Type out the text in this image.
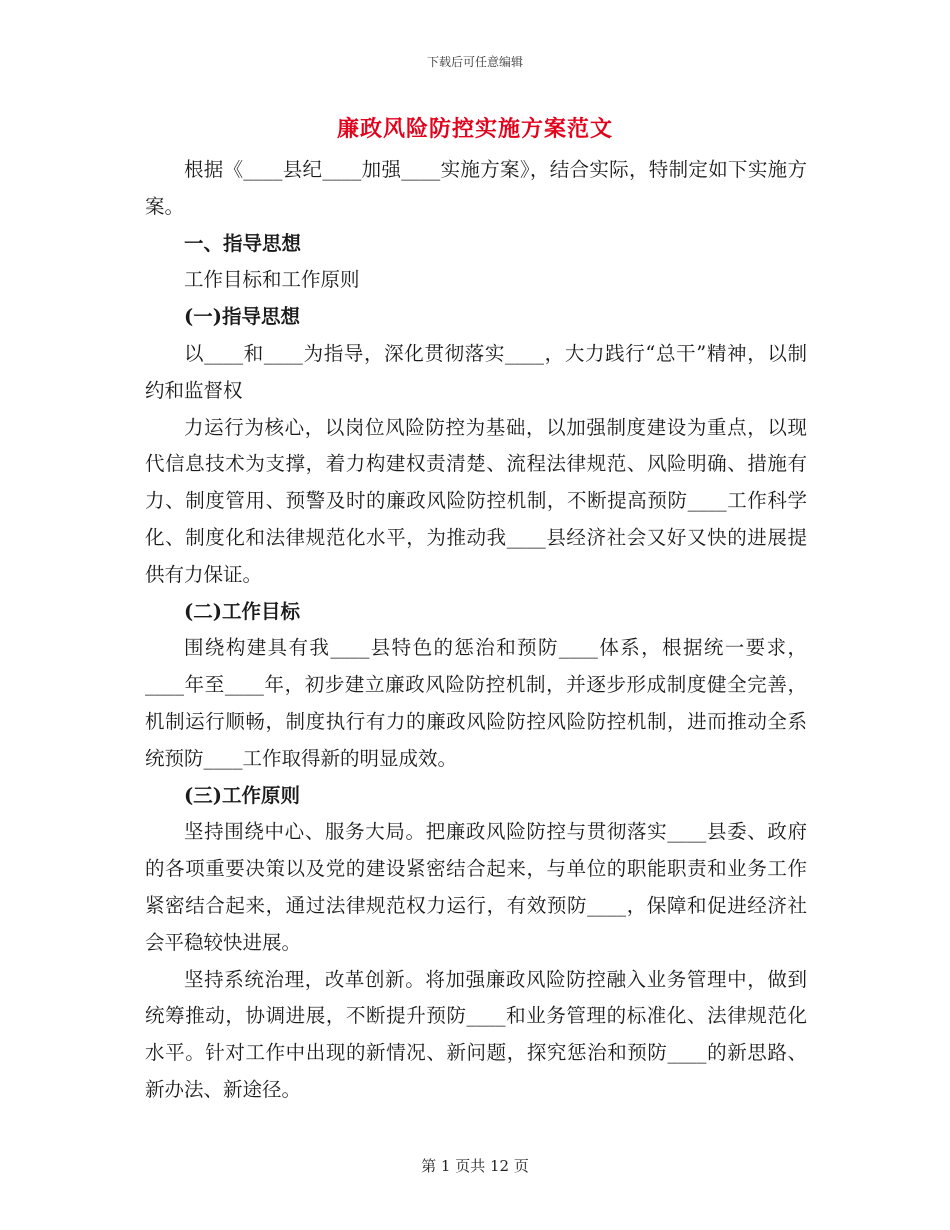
下载后可任意编辑
廉政风险防控实施方案范文

根据《____县纪____加强____实施方案》，结合实际，特制定如下实施方案。

一、指导思想

工作目标和工作原则

(一)指导思想

以____和____为指导，深化贯彻落实____，大力践行“总干”精神，以制约和监督权

力运行为核心，以岗位风险防控为基础，以加强制度建设为重点，以现代信息技术为支撑，着力构建权责清楚、流程法律规范、风险明确、措施有力、制度管用、预警及时的廉政风险防控机制，不断提高预防____工作科学化、制度化和法律规范化水平，为推动我____县经济社会又好又快的进展提供有力保证。

(二)工作目标

围绕构建具有我____县特色的惩治和预防____体系，根据统一要求，____年至____年，初步建立廉政风险防控机制，并逐步形成制度健全完善，机制运行顺畅，制度执行有力的廉政风险防控风险防控机制，进而推动全系统预防____工作取得新的明显成效。

(三)工作原则

坚持围绕中心、服务大局。把廉政风险防控与贯彻落实____县委、政府的各项重要决策以及党的建设紧密结合起来，与单位的职能职责和业务工作紧密结合起来，通过法律规范权力运行，有效预防____，保障和促进经济社会平稳较快进展。

坚持系统治理，改革创新。将加强廉政风险防控融入业务管理中，做到统筹推动，协调进展，不断提升预防____和业务管理的标准化、法律规范化水平。针对工作中出现的新情况、新问题，探究惩治和预防____的新思路、新办法、新途径。

第 1 页共 12 页
